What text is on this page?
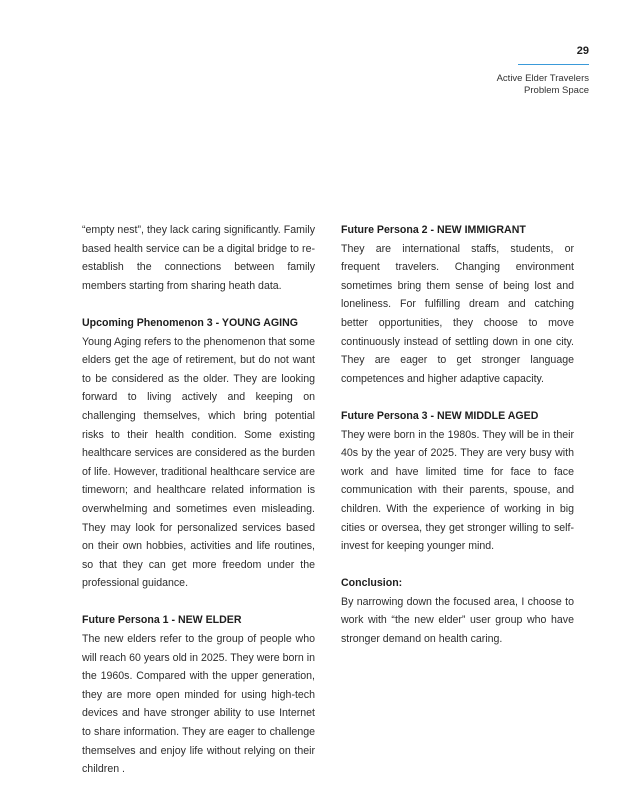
29
Active Elder Travelers
Problem Space

“empty nest”, they lack caring significantly. Family based health service can be a digital bridge to re-establish the connections between family members starting from sharing heath data.

Upcoming Phenomenon 3 - YOUNG AGING

Young Aging refers to the phenomenon that some elders get the age of retirement, but do not want to be considered as the older. They are looking forward to living actively and keeping on challenging themselves, which bring potential risks to their health condition. Some existing healthcare services are considered as the burden of life. However, traditional healthcare service are timeworn; and healthcare related information is overwhelming and sometimes even misleading. They may look for personalized services based on their own hobbies, activities and life routines, so that they can get more freedom under the professional guidance.

Future Persona 1 - NEW ELDER

The new elders refer to the group of people who will reach 60 years old in 2025. They were born in the 1960s. Compared with the upper generation, they are more open minded for using high-tech devices and have stronger ability to use Internet to share information. They are eager to challenge themselves and enjoy life without relying on their children .

Future Persona 2 - NEW IMMIGRANT

They are international staffs, students, or frequent travelers. Changing environment sometimes bring them sense of being lost and loneliness. For fulfilling dream and catching better opportunities, they choose to move continuously instead of settling down in one city. They are eager to get stronger language competences and higher adaptive capacity.

Future Persona 3 - NEW MIDDLE AGED

They were born in the 1980s. They will be in their 40s by the year of 2025. They are very busy with work and have limited time for face to face communication with their parents, spouse, and children. With the experience of working in big cities or oversea, they get stronger willing to self-invest for keeping younger mind.

Conclusion:

By narrowing down the focused area, I choose to work with “the new elder” user group who have stronger demand on health caring.
